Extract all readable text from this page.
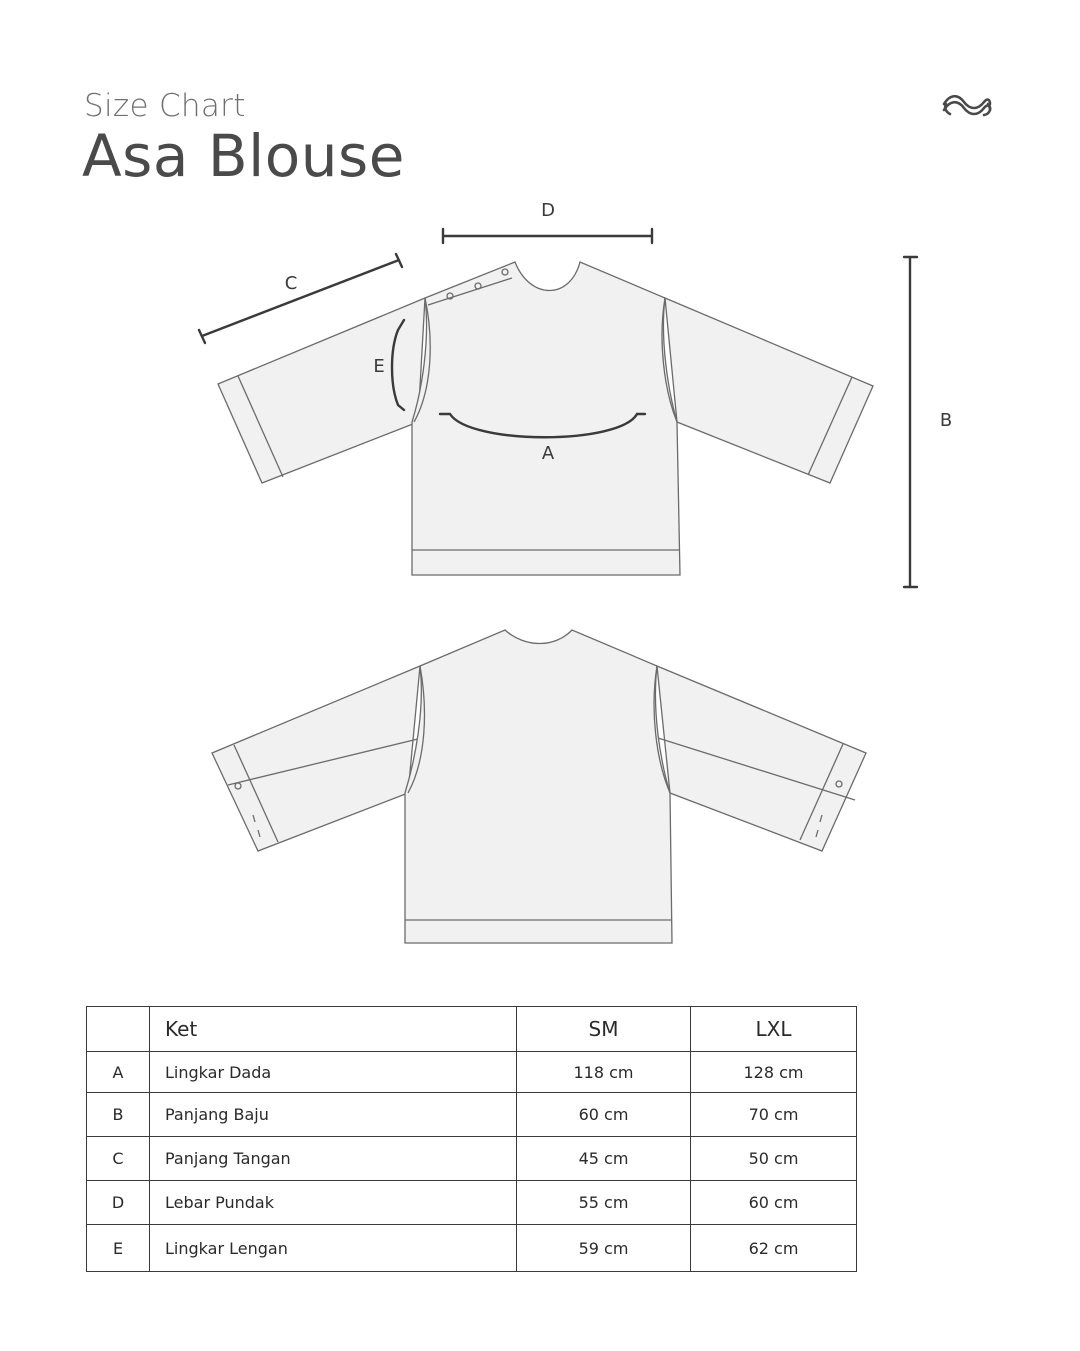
Size Chart
Asa Blouse
D
C
E
A
B
	Ket	SM	LXL
A	Lingkar Dada	118 cm	128 cm
B	Panjang Baju	60 cm	70 cm
C	Panjang Tangan	45 cm	50 cm
D	Lebar Pundak	55 cm	60 cm
E	Lingkar Lengan	59 cm	62 cm
